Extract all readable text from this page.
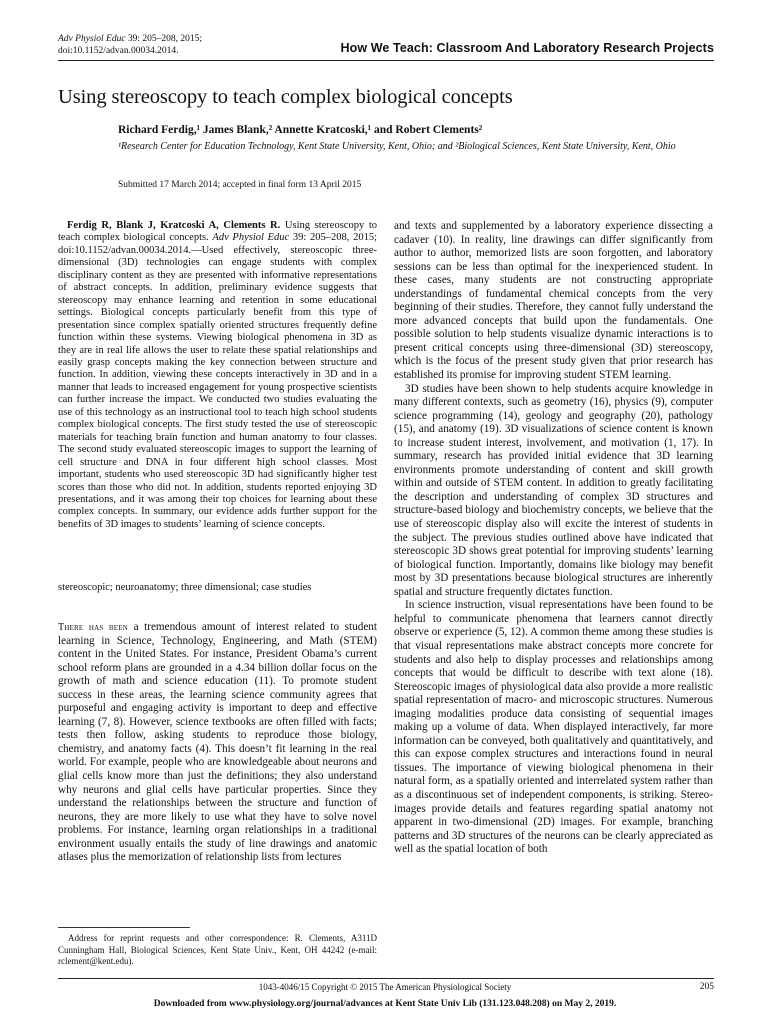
Adv Physiol Educ 39: 205–208, 2015;
doi:10.1152/advan.00034.2014.	How We Teach: Classroom And Laboratory Research Projects
Using stereoscopy to teach complex biological concepts
Richard Ferdig,¹ James Blank,² Annette Kratcoski,¹ and Robert Clements²
¹Research Center for Education Technology, Kent State University, Kent, Ohio; and ²Biological Sciences, Kent State University, Kent, Ohio
Submitted 17 March 2014; accepted in final form 13 April 2015

Ferdig R, Blank J, Kratcoski A, Clements R. Using stereoscopy to teach complex biological concepts. Adv Physiol Educ 39: 205–208, 2015; doi:10.1152/advan.00034.2014.—Used effectively, stereoscopic three-dimensional (3D) technologies can engage students with complex disciplinary content as they are presented with informative representations of abstract concepts. In addition, preliminary evidence suggests that stereoscopy may enhance learning and retention in some educational settings. Biological concepts particularly benefit from this type of presentation since complex spatially oriented structures frequently define function within these systems. Viewing biological phenomena in 3D as they are in real life allows the user to relate these spatial relationships and easily grasp concepts making the key connection between structure and function. In addition, viewing these concepts interactively in 3D and in a manner that leads to increased engagement for young prospective scientists can further increase the impact. We conducted two studies evaluating the use of this technology as an instructional tool to teach high school students complex biological concepts. The first study tested the use of stereoscopic materials for teaching brain function and human anatomy to four classes. The second study evaluated stereoscopic images to support the learning of cell structure and DNA in four different high school classes. Most important, students who used stereoscopic 3D had significantly higher test scores than those who did not. In addition, students reported enjoying 3D presentations, and it was among their top choices for learning about these complex concepts. In summary, our evidence adds further support for the benefits of 3D images to students’ learning of science concepts.

stereoscopic; neuroanatomy; three dimensional; case studies

There has been a tremendous amount of interest related to student learning in Science, Technology, Engineering, and Math (STEM) content in the United States. For instance, President Obama’s current school reform plans are grounded in a 4.34 billion dollar focus on the growth of math and science education (11). To promote student success in these areas, the learning science community agrees that purposeful and engaging activity is important to deep and effective learning (7, 8). However, science textbooks are often filled with facts; tests then follow, asking students to reproduce those biology, chemistry, and anatomy facts (4). This doesn’t fit learning in the real world. For example, people who are knowledgeable about neurons and glial cells know more than just the definitions; they also understand why neurons and glial cells have particular properties. Since they understand the relationships between the structure and function of neurons, they are more likely to use what they have to solve novel problems. For instance, learning organ relationships in a traditional environment usually entails the study of line drawings and anatomic atlases plus the memorization of relationship lists from lectures

Address for reprint requests and other correspondence: R. Clements, A311D Cunningham Hall, Biological Sciences, Kent State Univ., Kent, OH 44242 (e-mail: rclement@kent.edu).

and texts and supplemented by a laboratory experience dissecting a cadaver (10). In reality, line drawings can differ significantly from author to author, memorized lists are soon forgotten, and laboratory sessions can be less than optimal for the inexperienced student. In these cases, many students are not constructing appropriate understandings of fundamental chemical concepts from the very beginning of their studies. Therefore, they cannot fully understand the more advanced concepts that build upon the fundamentals. One possible solution to help students visualize dynamic interactions is to present critical concepts using three-dimensional (3D) stereoscopy, which is the focus of the present study given that prior research has established its promise for improving student STEM learning.

3D studies have been shown to help students acquire knowledge in many different contexts, such as geometry (16), physics (9), computer science programming (14), geology and geography (20), pathology (15), and anatomy (19). 3D visualizations of science content is known to increase student interest, involvement, and motivation (1, 17). In summary, research has provided initial evidence that 3D learning environments promote understanding of content and skill growth within and outside of STEM content. In addition to greatly facilitating the description and understanding of complex 3D structures and structure-based biology and biochemistry concepts, we believe that the use of stereoscopic display also will excite the interest of students in the subject. The previous studies outlined above have indicated that stereoscopic 3D shows great potential for improving students’ learning of biological function. Importantly, domains like biology may benefit most by 3D presentations because biological structures are inherently spatial and structure frequently dictates function.

In science instruction, visual representations have been found to be helpful to communicate phenomena that learners cannot directly observe or experience (5, 12). A common theme among these studies is that visual representations make abstract concepts more concrete for students and also help to display processes and relationships among concepts that would be difficult to describe with text alone (18). Stereoscopic images of physiological data also provide a more realistic spatial representation of macro- and microscopic structures. Numerous imaging modalities produce data consisting of sequential images making up a volume of data. When displayed interactively, far more information can be conveyed, both qualitatively and quantitatively, and this can expose complex structures and interactions found in neural tissues. The importance of viewing biological phenomena in their natural form, as a spatially oriented and interrelated system rather than as a discontinuous set of independent components, is striking. Stereo-images provide details and features regarding spatial anatomy not apparent in two-dimensional (2D) images. For example, branching patterns and 3D structures of the neurons can be clearly appreciated as well as the spatial location of both

1043-4046/15 Copyright © 2015 The American Physiological Society	205
Downloaded from www.physiology.org/journal/advances at Kent State Univ Lib (131.123.048.208) on May 2, 2019.
